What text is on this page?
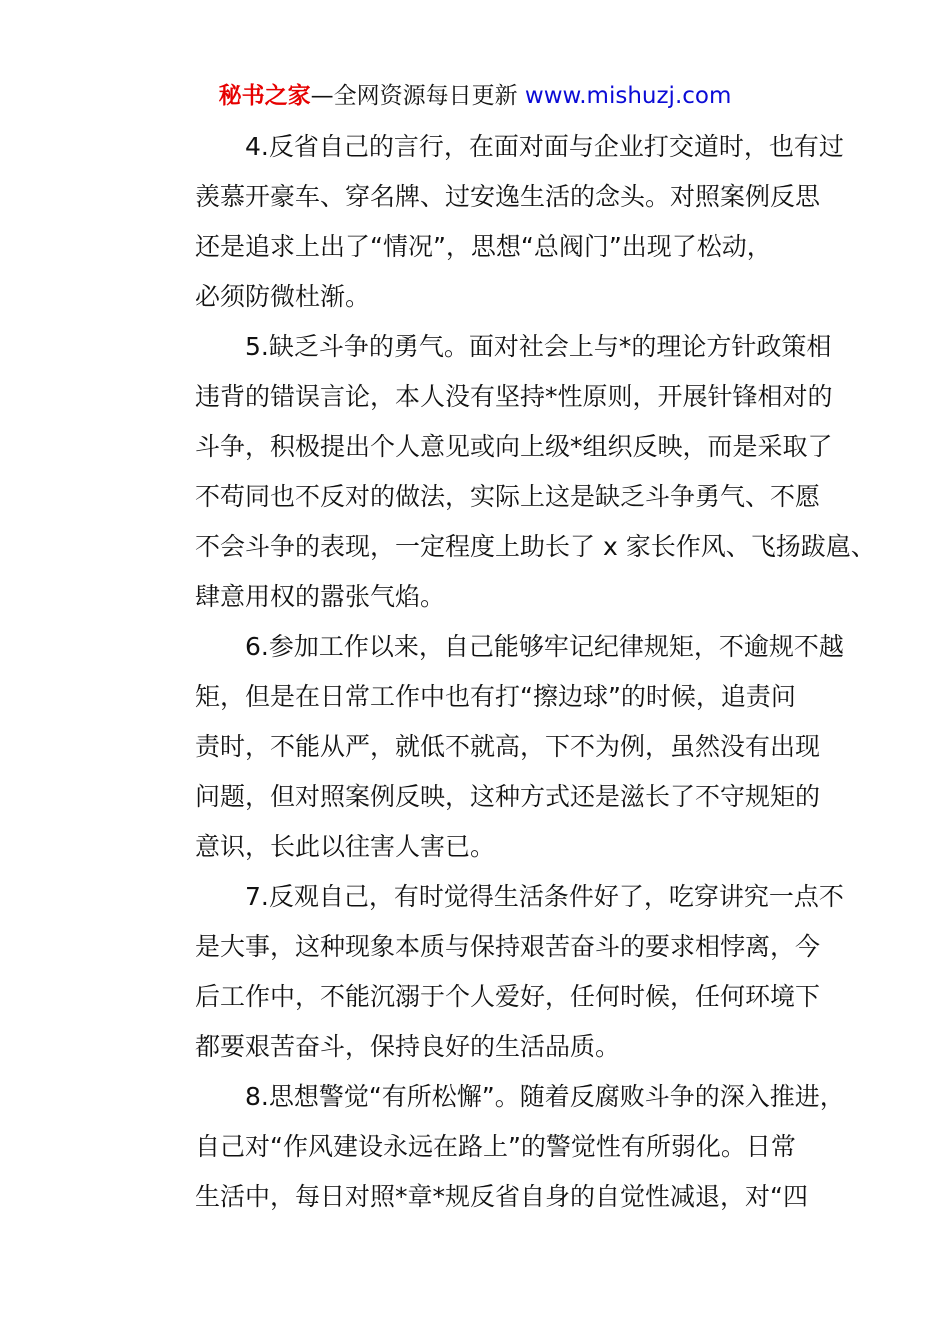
秘书之家—全网资源每日更新 www.mishuzj.com
4.反省自己的言行，在面对面与企业打交道时，也有过
羡慕开豪车、穿名牌、过安逸生活的念头。对照案例反思
还是追求上出了“情况”，思想“总阀门”出现了松动，
必须防微杜渐。
5.缺乏斗争的勇气。面对社会上与*的理论方针政策相
违背的错误言论，本人没有坚持*性原则，开展针锋相对的
斗争，积极提出个人意见或向上级*组织反映，而是采取了
不苟同也不反对的做法，实际上这是缺乏斗争勇气、不愿
不会斗争的表现，一定程度上助长了 x 家长作风、飞扬跋扈、
肆意用权的嚣张气焰。
6.参加工作以来，自己能够牢记纪律规矩，不逾规不越
矩，但是在日常工作中也有打“擦边球”的时候，追责问
责时，不能从严，就低不就高，下不为例，虽然没有出现
问题，但对照案例反映，这种方式还是滋长了不守规矩的
意识，长此以往害人害已。
7.反观自己，有时觉得生活条件好了，吃穿讲究一点不
是大事，这种现象本质与保持艰苦奋斗的要求相悖离，今
后工作中，不能沉溺于个人爱好，任何时候，任何环境下
都要艰苦奋斗，保持良好的生活品质。
8.思想警觉“有所松懈”。随着反腐败斗争的深入推进，
自己对“作风建设永远在路上”的警觉性有所弱化。日常
生活中，每日对照*章*规反省自身的自觉性减退，对“四
